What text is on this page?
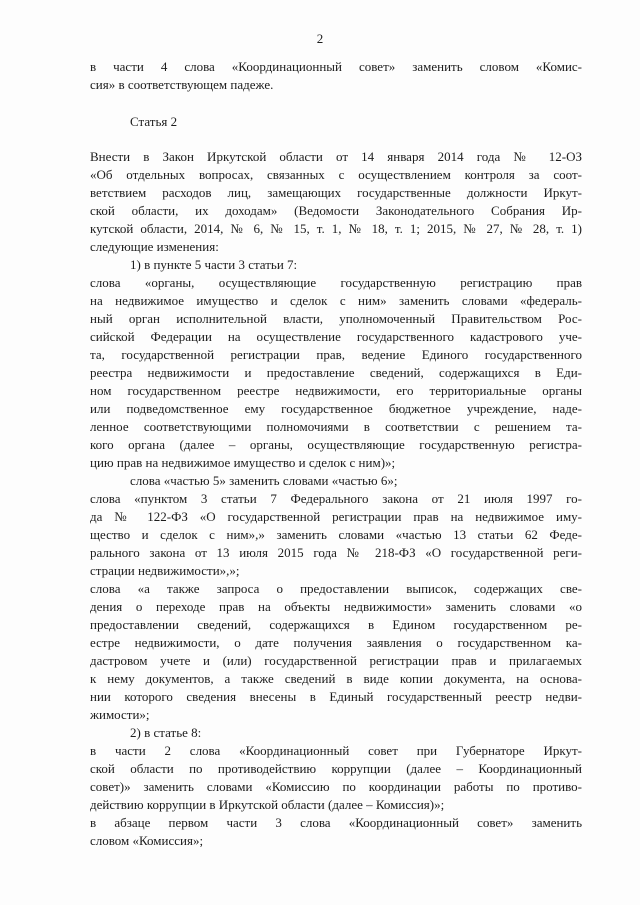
2
в части 4 слова «Координационный совет» заменить словом «Комис-
сия» в соответствующем падеже.
Статья 2
Внести в Закон Иркутской области от 14 января 2014 года № 12-ОЗ
«Об отдельных вопросах, связанных с осуществлением контроля за соот-
ветствием расходов лиц, замещающих государственные должности Иркут-
ской области, их доходам» (Ведомости Законодательного Собрания Ир-
кутской области, 2014, № 6, № 15, т. 1, № 18, т. 1; 2015, № 27, № 28, т. 1)
следующие изменения:
1) в пункте 5 части 3 статьи 7:
слова «органы, осуществляющие государственную регистрацию прав
на недвижимое имущество и сделок с ним» заменить словами «федераль-
ный орган исполнительной власти, уполномоченный Правительством Рос-
сийской Федерации на осуществление государственного кадастрового уче-
та, государственной регистрации прав, ведение Единого государственного
реестра недвижимости и предоставление сведений, содержащихся в Еди-
ном государственном реестре недвижимости, его территориальные органы
или подведомственное ему государственное бюджетное учреждение, наде-
ленное соответствующими полномочиями в соответствии с решением та-
кого органа (далее – органы, осуществляющие государственную регистра-
цию прав на недвижимое имущество и сделок с ним)»;
слова «частью 5» заменить словами «частью 6»;
слова «пунктом 3 статьи 7 Федерального закона от 21 июля 1997 го-
да № 122-ФЗ «О государственной регистрации прав на недвижимое иму-
щество и сделок с ним»,» заменить словами «частью 13 статьи 62 Феде-
рального закона от 13 июля 2015 года № 218-ФЗ «О государственной реги-
страции недвижимости»,»;
слова «а также запроса о предоставлении выписок, содержащих све-
дения о переходе прав на объекты недвижимости» заменить словами «о
предоставлении сведений, содержащихся в Едином государственном ре-
естре недвижимости, о дате получения заявления о государственном ка-
дастровом учете и (или) государственной регистрации прав и прилагаемых
к нему документов, а также сведений в виде копии документа, на основа-
нии которого сведения внесены в Единый государственный реестр недви-
жимости»;
2) в статье 8:
в части 2 слова «Координационный совет при Губернаторе Иркут-
ской области по противодействию коррупции (далее – Координационный
совет)» заменить словами «Комиссию по координации работы по противо-
действию коррупции в Иркутской области (далее – Комиссия)»;
в абзаце первом части 3 слова «Координационный совет» заменить
словом «Комиссия»;
